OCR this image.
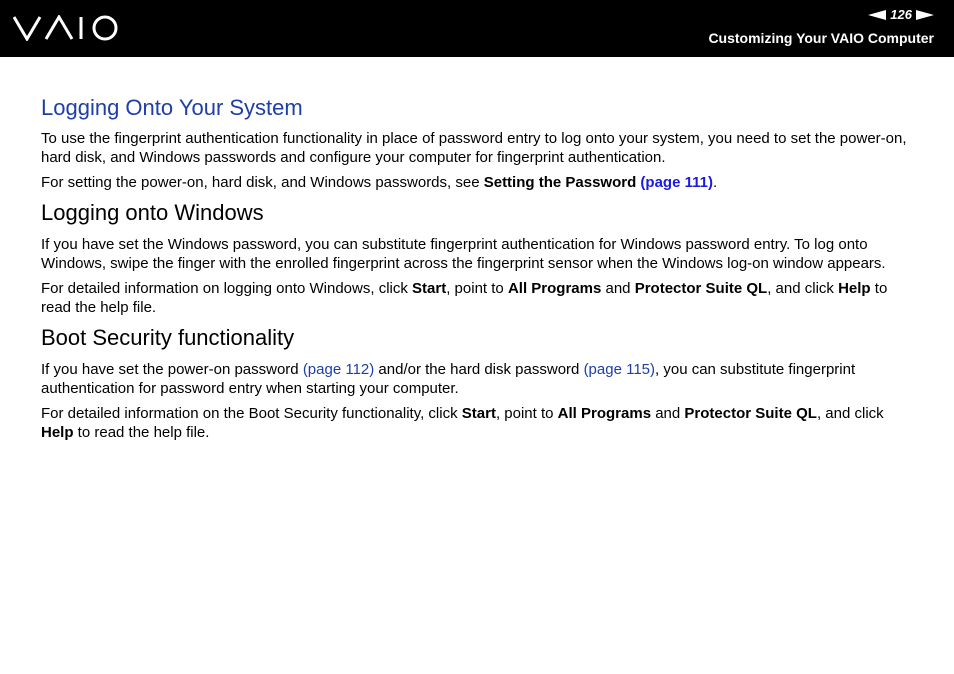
126
Customizing Your VAIO Computer
Logging Onto Your System

To use the fingerprint authentication functionality in place of password entry to log onto your system, you need to set the power-on, hard disk, and Windows passwords and configure your computer for fingerprint authentication.

For setting the power-on, hard disk, and Windows passwords, see Setting the Password (page 111).

Logging onto Windows

If you have set the Windows password, you can substitute fingerprint authentication for Windows password entry. To log onto Windows, swipe the finger with the enrolled fingerprint across the fingerprint sensor when the Windows log-on window appears.

For detailed information on logging onto Windows, click Start, point to All Programs and Protector Suite QL, and click Help to read the help file.

Boot Security functionality

If you have set the power-on password (page 112) and/or the hard disk password (page 115), you can substitute fingerprint authentication for password entry when starting your computer.

For detailed information on the Boot Security functionality, click Start, point to All Programs and Protector Suite QL, and click Help to read the help file.
